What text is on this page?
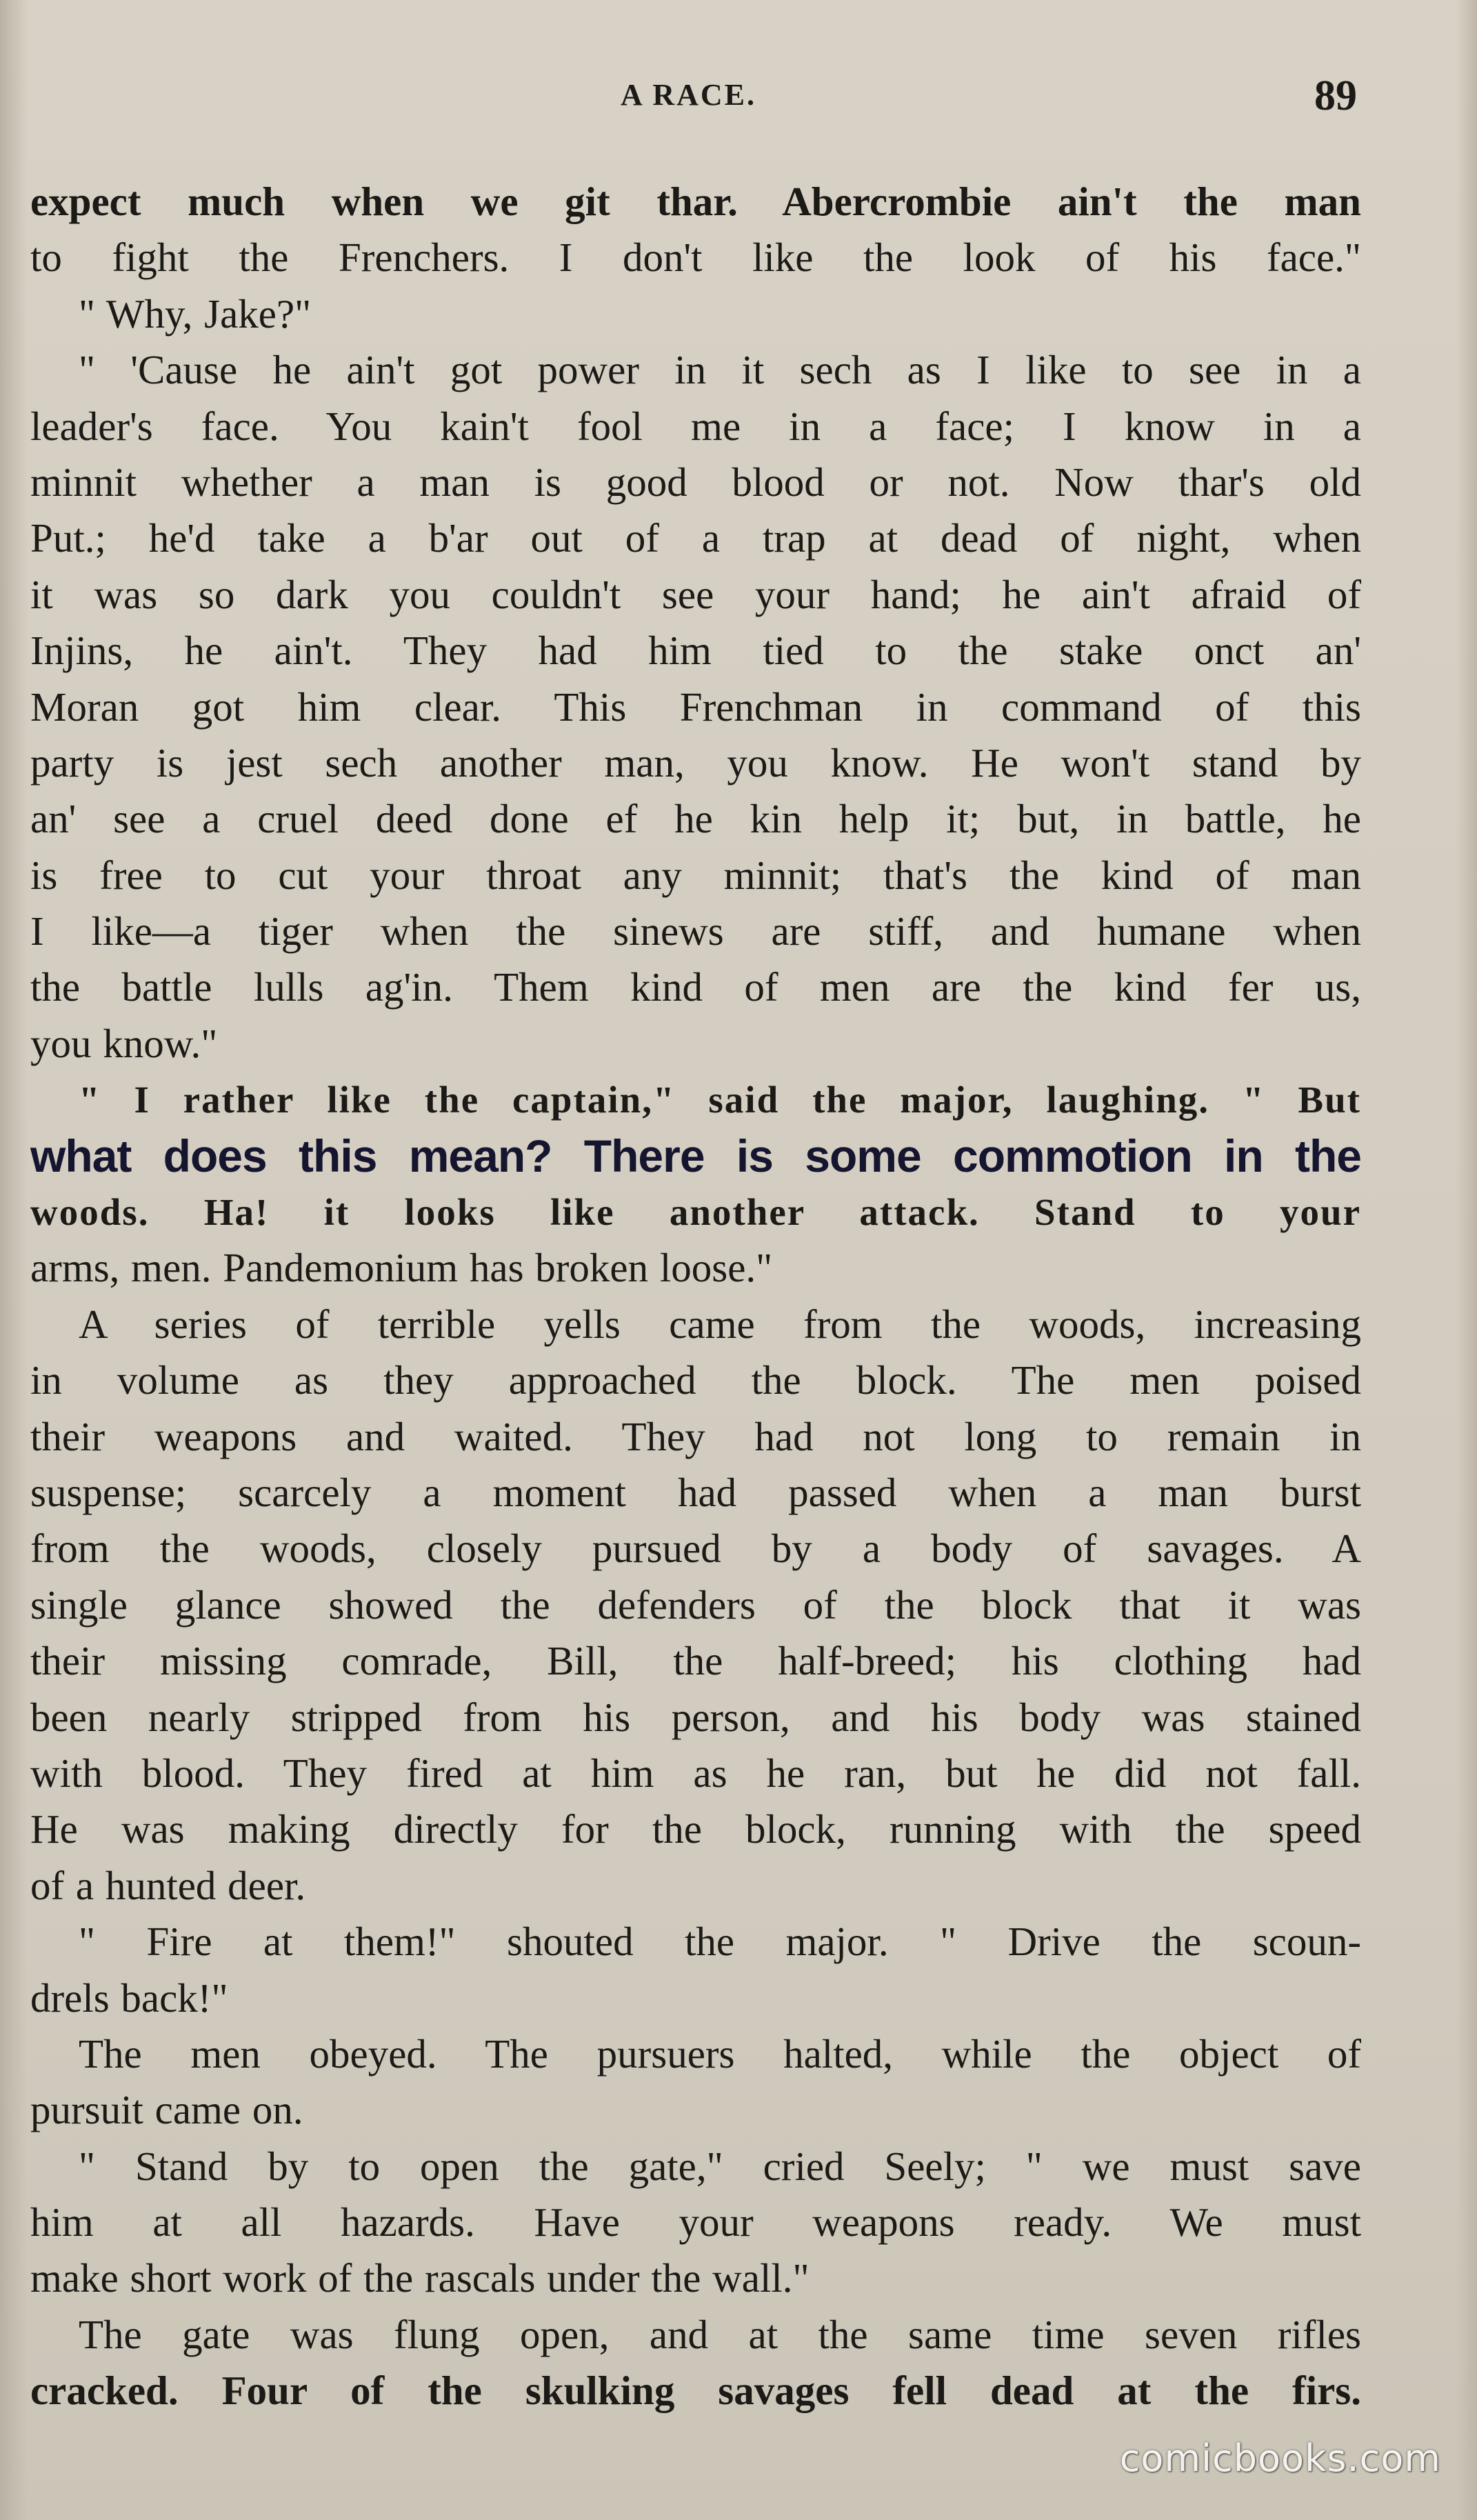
A RACE.	89
expect much when we git thar. Abercrombie ain't the man
to fight the Frenchers. I don't like the look of his face."
" Why, Jake?"
" 'Cause he ain't got power in it sech as I like to see in a
leader's face. You kain't fool me in a face; I know in a
minnit whether a man is good blood or not. Now thar's old
Put.; he'd take a b'ar out of a trap at dead of night, when
it was so dark you couldn't see your hand; he ain't afraid of
Injins, he ain't. They had him tied to the stake onct an'
Moran got him clear. This Frenchman in command of this
party is jest sech another man, you know. He won't stand by
an' see a cruel deed done ef he kin help it; but, in battle, he
is free to cut your throat any minnit; that's the kind of man
I like—a tiger when the sinews are stiff, and humane when
the battle lulls ag'in. Them kind of men are the kind fer us,
you know."
" I rather like the captain," said the major, laughing. " But
what does this mean? There is some commotion in the
woods. Ha! it looks like another attack. Stand to your
arms, men. Pandemonium has broken loose."
A series of terrible yells came from the woods, increasing
in volume as they approached the block. The men poised
their weapons and waited. They had not long to remain in
suspense; scarcely a moment had passed when a man burst
from the woods, closely pursued by a body of savages. A
single glance showed the defenders of the block that it was
their missing comrade, Bill, the half-breed; his clothing had
been nearly stripped from his person, and his body was stained
with blood. They fired at him as he ran, but he did not fall.
He was making directly for the block, running with the speed
of a hunted deer.
" Fire at them!" shouted the major. " Drive the scoun-
drels back!"
The men obeyed. The pursuers halted, while the object of
pursuit came on.
" Stand by to open the gate," cried Seely; " we must save
him at all hazards. Have your weapons ready. We must
make short work of the rascals under the wall."
The gate was flung open, and at the same time seven rifles
cracked. Four of the skulking savages fell dead at the firs.
comicbooks.com
